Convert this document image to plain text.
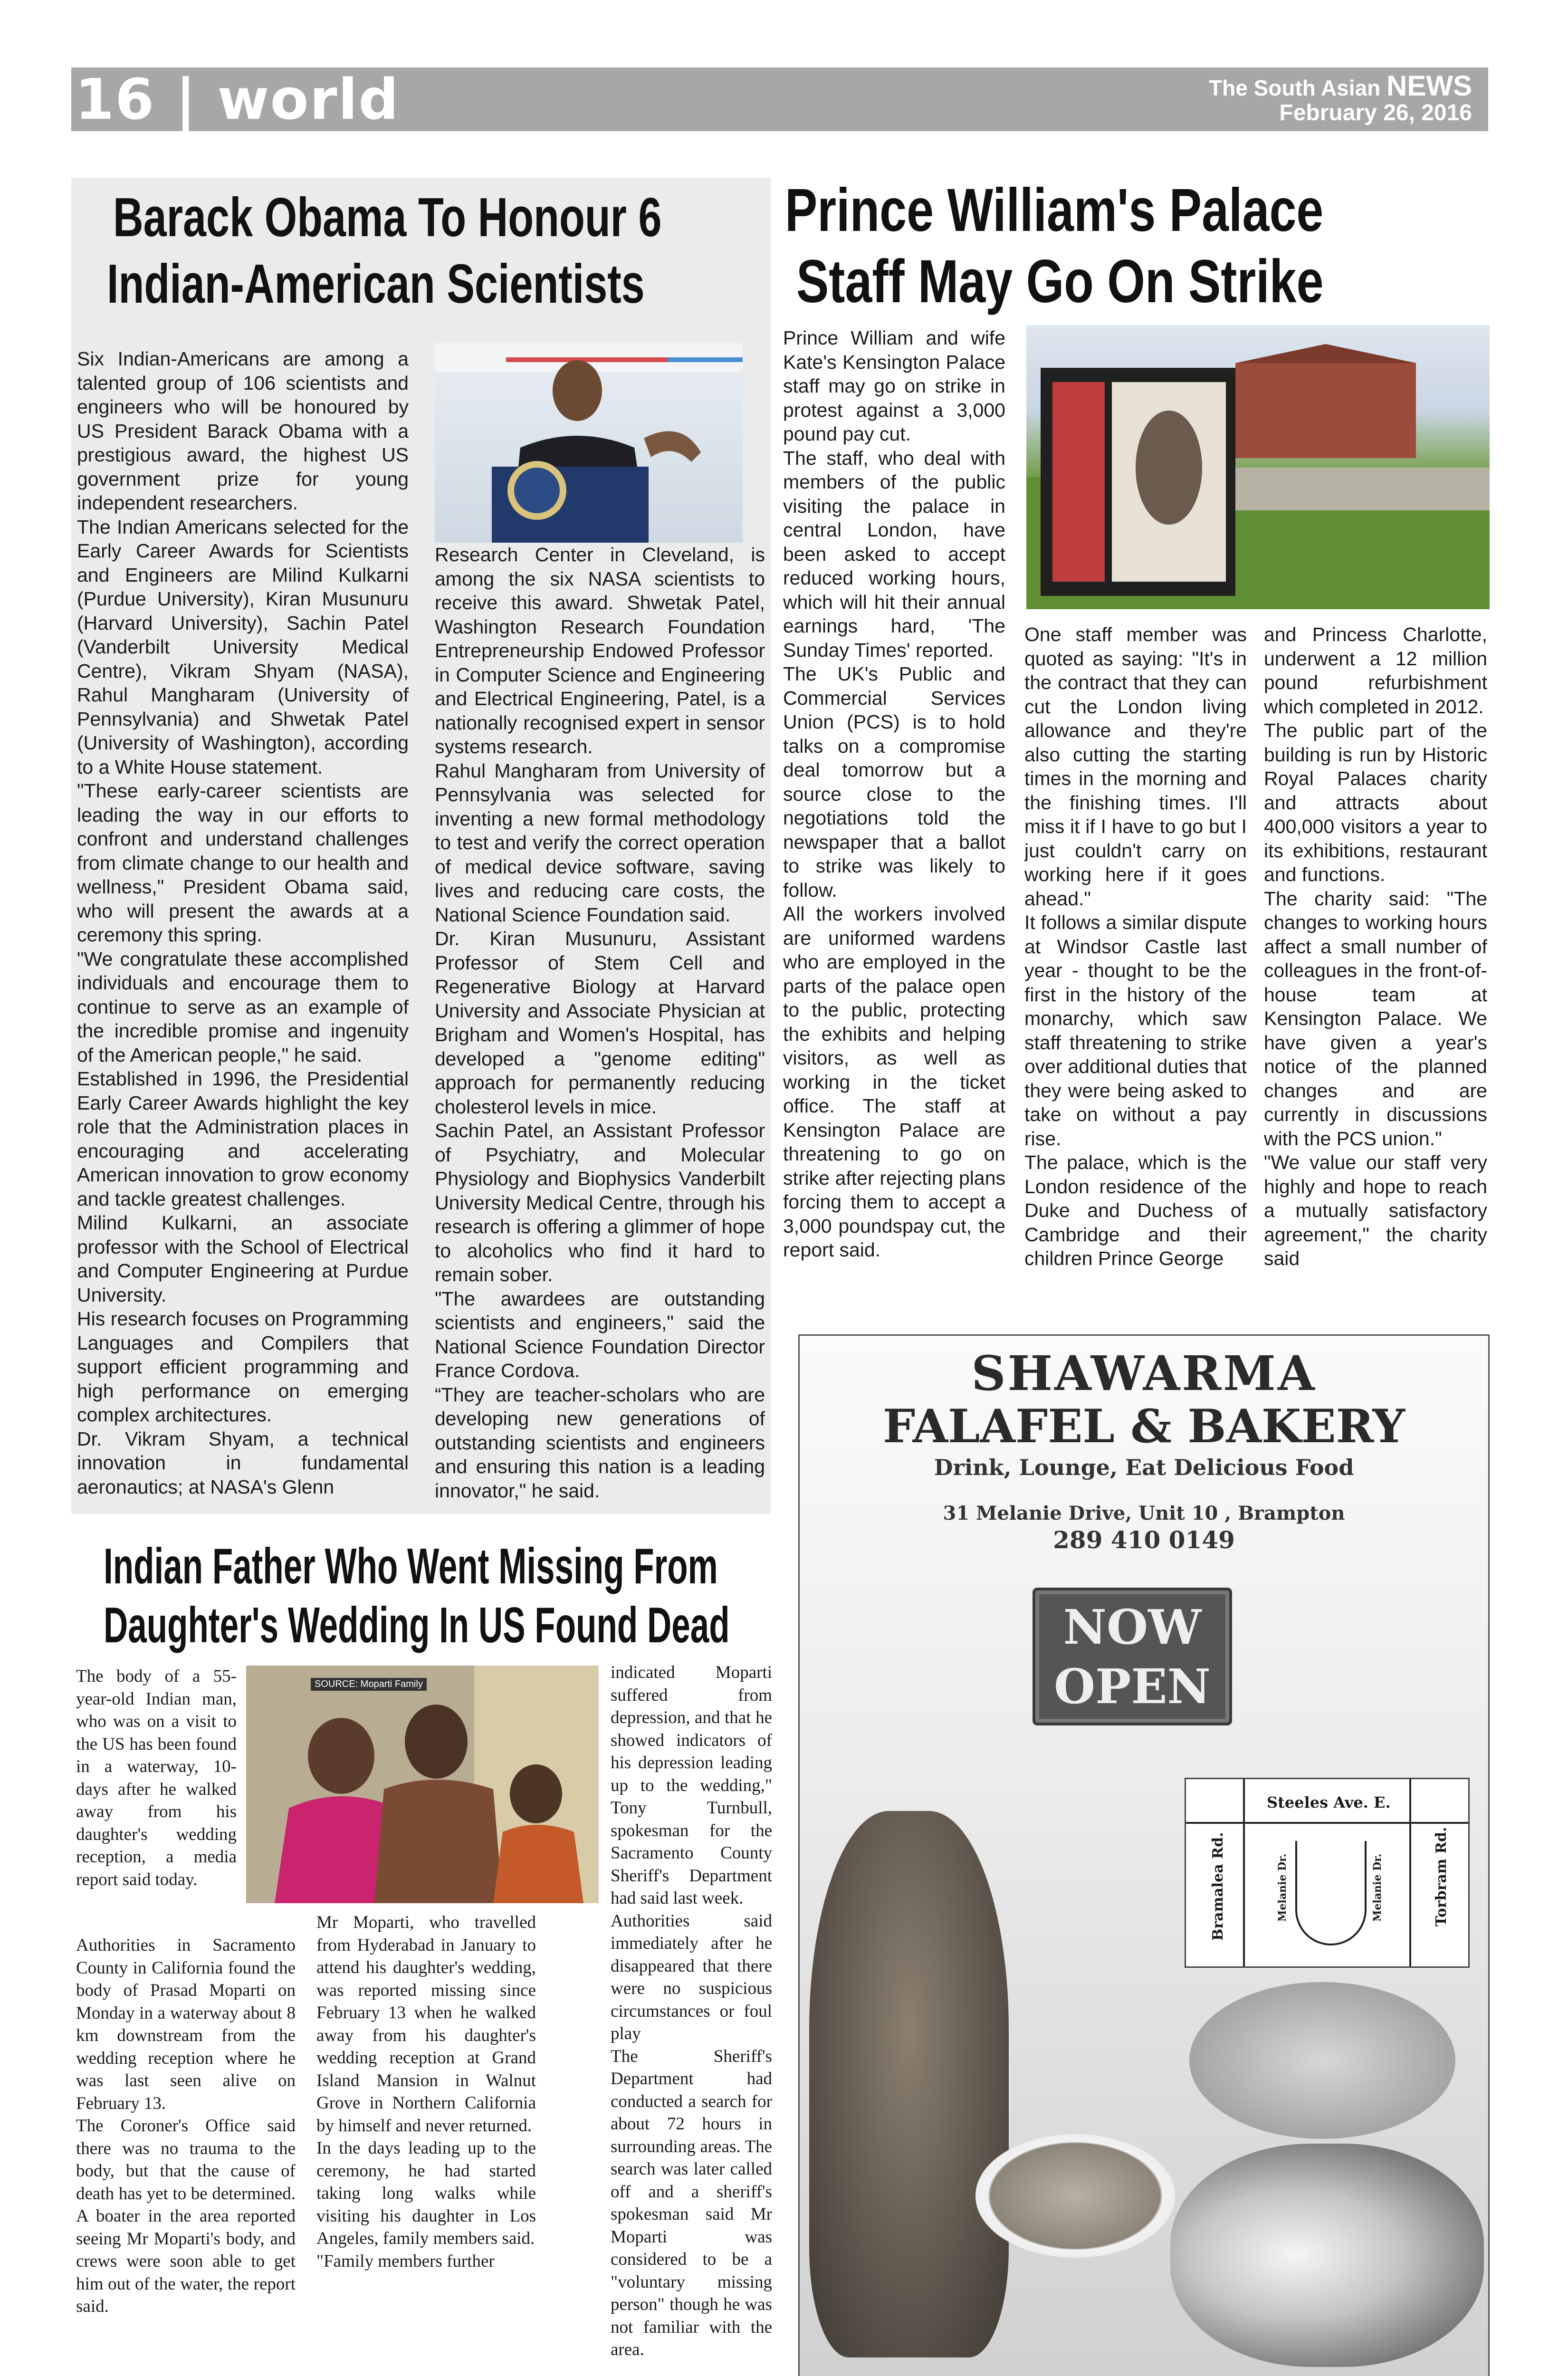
16 | world	The South Asian NEWS
February 26, 2016
Barack Obama To Honour 6
Indian-American Scientists

Six Indian-Americans are among a talented group of 106 scientists and engineers who will be honoured by US President Barack Obama with a prestigious award, the highest US government prize for young independent researchers.

The Indian Americans selected for the Early Career Awards for Scientists and Engineers are Milind Kulkarni (Purdue University), Kiran Musunuru (Harvard University), Sachin Patel (Vanderbilt University Medical Centre), Vikram Shyam (NASA), Rahul Mangharam (University of Pennsylvania) and Shwetak Patel (University of Washington), according to a White House statement.

"These early-career scientists are leading the way in our efforts to confront and understand challenges from climate change to our health and wellness," President Obama said, who will present the awards at a ceremony this spring.

"We congratulate these accomplished individuals and encourage them to continue to serve as an example of the incredible promise and ingenuity of the American people," he said.

Established in 1996, the Presidential Early Career Awards highlight the key role that the Administration places in encouraging and accelerating American innovation to grow economy and tackle greatest challenges.

Milind Kulkarni, an associate professor with the School of Electrical and Computer Engineering at Purdue University.

His research focuses on Programming Languages and Compilers that support efficient programming and high performance on emerging complex architectures.

Dr. Vikram Shyam, a technical innovation in fundamental aeronautics; at NASA's Glenn

Research Center in Cleveland, is among the six NASA scientists to receive this award. Shwetak Patel, Washington Research Foundation Entrepreneurship Endowed Professor in Computer Science and Engineering and Electrical Engineering, Patel, is a nationally recognised expert in sensor systems research.

Rahul Mangharam from University of Pennsylvania was selected for inventing a new formal methodology to test and verify the correct operation of medical device software, saving lives and reducing care costs, the National Science Foundation said.

Dr. Kiran Musunuru, Assistant Professor of Stem Cell and Regenerative Biology at Harvard University and Associate Physician at Brigham and Women's Hospital, has developed a "genome editing" approach for permanently reducing cholesterol levels in mice.

Sachin Patel, an Assistant Professor of Psychiatry, and Molecular Physiology and Biophysics Vanderbilt University Medical Centre, through his research is offering a glimmer of hope to alcoholics who find it hard to remain sober.

"The awardees are outstanding scientists and engineers," said the National Science Foundation Director France Cordova.

“They are teacher-scholars who are developing new generations of outstanding scientists and engineers and ensuring this nation is a leading innovator," he said.

Prince William's Palace
Staff May Go On Strike

Prince William and wife Kate's Kensington Palace staff may go on strike in protest against a 3,000 pound pay cut.

The staff, who deal with members of the public visiting the palace in central London, have been asked to accept reduced working hours, which will hit their annual earnings hard, 'The Sunday Times' reported.

The UK's Public and Commercial Services Union (PCS) is to hold talks on a compromise deal tomorrow but a source close to the negotiations told the newspaper that a ballot to strike was likely to follow.

All the workers involved are uniformed wardens who are employed in the parts of the palace open to the public, protecting the exhibits and helping visitors, as well as working in the ticket office. The staff at Kensington Palace are threatening to go on strike after rejecting plans forcing them to accept a 3,000 poundspay cut, the report said.

One staff member was quoted as saying: "It's in the contract that they can cut the London living allowance and they're also cutting the starting times in the morning and the finishing times. I'll miss it if I have to go but I just couldn't carry on working here if it goes ahead."

It follows a similar dispute at Windsor Castle last year - thought to be the first in the history of the monarchy, which saw staff threatening to strike over additional duties that they were being asked to take on without a pay rise.

The palace, which is the London residence of the Duke and Duchess of Cambridge and their children Prince George

and Princess Charlotte, underwent a 12 million pound refurbishment which completed in 2012.

The public part of the building is run by Historic Royal Palaces charity and attracts about 400,000 visitors a year to its exhibitions, restaurant and functions.

The charity said: "The changes to working hours affect a small number of colleagues in the front-of-house team at Kensington Palace. We have given a year's notice of the planned changes and are currently in discussions with the PCS union."

"We value our staff very highly and hope to reach a mutually satisfactory agreement," the charity said

Indian Father Who Went Missing From
Daughter's Wedding In US Found Dead

The body of a 55-year-old Indian man, who was on a visit to the US has been found in a waterway, 10-days after he walked away from his daughter's wedding reception, a media report said today.

SOURCE: Moparti Family

Authorities in Sacramento County in California found the body of Prasad Moparti on Monday in a waterway about 8 km downstream from the wedding reception where he was last seen alive on February 13.

The Coroner's Office said there was no trauma to the body, but that the cause of death has yet to be determined. A boater in the area reported seeing Mr Moparti's body, and crews were soon able to get him out of the water, the report said.

Mr Moparti, who travelled from Hyderabad in January to attend his daughter's wedding, was reported missing since February 13 when he walked away from his daughter's wedding reception at Grand Island Mansion in Walnut Grove in Northern California by himself and never returned.

In the days leading up to the ceremony, he had started taking long walks while visiting his daughter in Los Angeles, family members said.

"Family members further

indicated Moparti suffered from depression, and that he showed indicators of his depression leading up to the wedding," Tony Turnbull, spokesman for the Sacramento County Sheriff's Department had said last week.

Authorities said immediately after he disappeared that there were no suspicious circumstances or foul play

The Sheriff's Department had conducted a search for about 72 hours in surrounding areas. The search was later called off and a sheriff's spokesman said Mr Moparti was considered to be a "voluntary missing person" though he was not familiar with the area.

SHAWARMA
FALAFEL & BAKERY
Drink, Lounge, Eat Delicious Food
31 Melanie Drive, Unit 10 , Brampton
289 410 0149
NOW
OPEN
Steeles Ave. E.
Bramalea Rd.	Torbram Rd.
Melanie Dr.	Melanie Dr.
